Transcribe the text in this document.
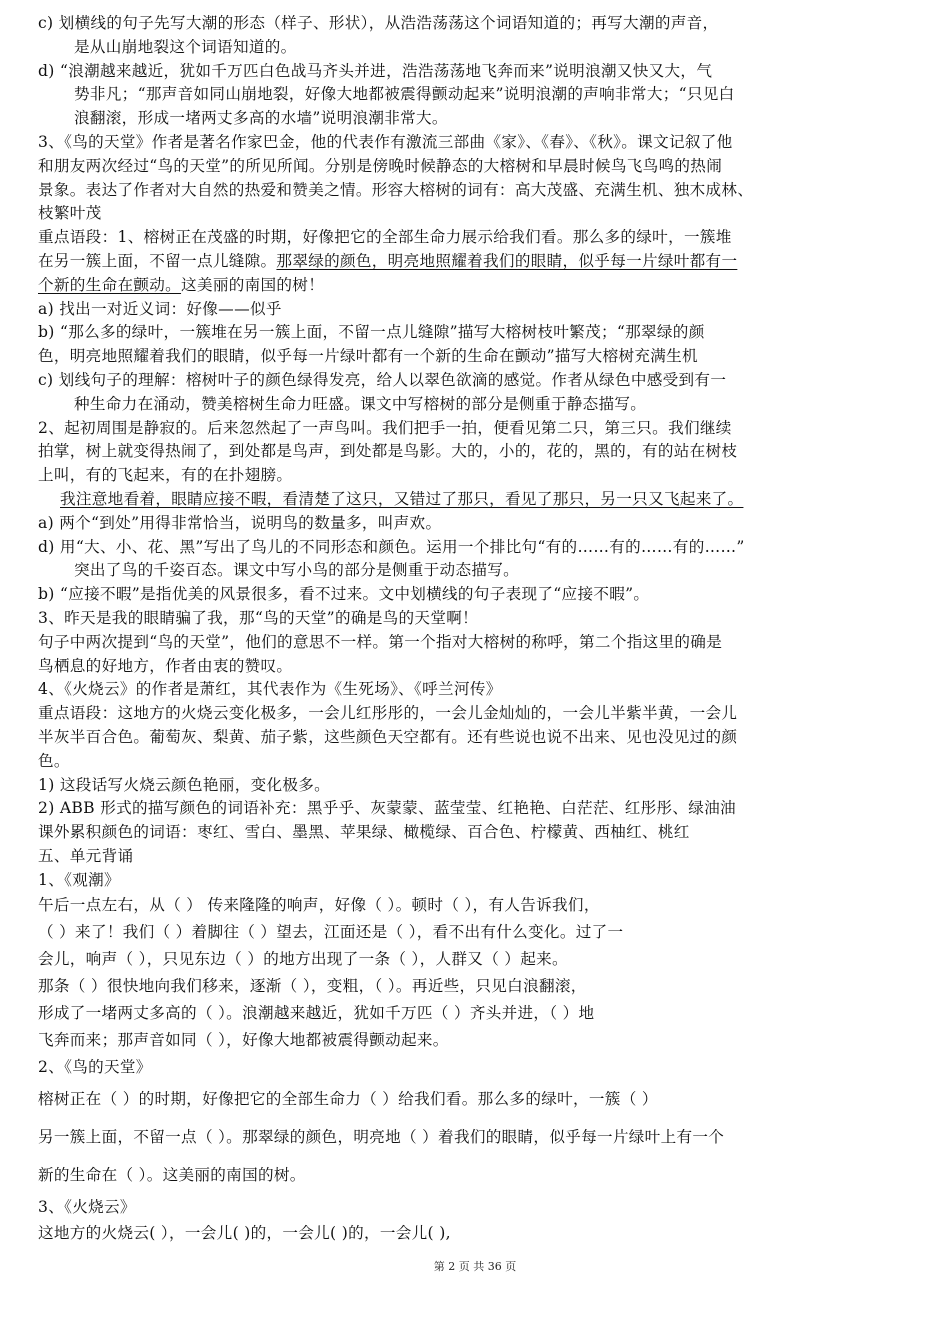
c) 划横线的句子先写大潮的形态（样子、形状），从浩浩荡荡这个词语知道的；再写大潮的声音，
是从山崩地裂这个词语知道的。
d) “浪潮越来越近，犹如千万匹白色战马齐头并进，浩浩荡荡地飞奔而来”说明浪潮又快又大，气
势非凡；“那声音如同山崩地裂，好像大地都被震得颤动起来”说明浪潮的声响非常大；“只见白
浪翻滚，形成一堵两丈多高的水墙”说明浪潮非常大。
3、《鸟的天堂》作者是著名作家巴金，他的代表作有激流三部曲《家》、《春》、《秋》。课文记叙了他
和朋友两次经过“鸟的天堂”的所见所闻。分别是傍晚时候静态的大榕树和早晨时候鸟飞鸟鸣的热闹
景象。表达了作者对大自然的热爱和赞美之情。形容大榕树的词有：高大茂盛、充满生机、独木成林、
枝繁叶茂
重点语段：1、榕树正在茂盛的时期，好像把它的全部生命力展示给我们看。那么多的绿叶，一簇堆
在另一簇上面，不留一点儿缝隙。那翠绿的颜色，明亮地照耀着我们的眼睛，似乎每一片绿叶都有一
个新的生命在颤动。这美丽的南国的树！
a) 找出一对近义词：好像——似乎
b) “那么多的绿叶，一簇堆在另一簇上面，不留一点儿缝隙”描写大榕树枝叶繁茂；“那翠绿的颜
色，明亮地照耀着我们的眼睛，似乎每一片绿叶都有一个新的生命在颤动”描写大榕树充满生机
c) 划线句子的理解：榕树叶子的颜色绿得发亮，给人以翠色欲滴的感觉。作者从绿色中感受到有一
种生命力在涌动，赞美榕树生命力旺盛。课文中写榕树的部分是侧重于静态描写。
2、起初周围是静寂的。后来忽然起了一声鸟叫。我们把手一拍，便看见第二只，第三只。我们继续
拍掌，树上就变得热闹了，到处都是鸟声，到处都是鸟影。大的，小的，花的，黑的，有的站在树枝
上叫，有的飞起来，有的在扑翅膀。
我注意地看着，眼睛应接不暇，看清楚了这只，又错过了那只，看见了那只，另一只又飞起来了。
a) 两个“到处”用得非常恰当，说明鸟的数量多，叫声欢。
d) 用“大、小、花、黑”写出了鸟儿的不同形态和颜色。运用一个排比句“有的……有的……有的……”
突出了鸟的千姿百态。课文中写小鸟的部分是侧重于动态描写。
b) “应接不暇”是指优美的风景很多，看不过来。文中划横线的句子表现了“应接不暇”。
3、昨天是我的眼睛骗了我，那“鸟的天堂”的确是鸟的天堂啊！
句子中两次提到“鸟的天堂”，他们的意思不一样。第一个指对大榕树的称呼，第二个指这里的确是
鸟栖息的好地方，作者由衷的赞叹。
4、《火烧云》的作者是萧红，其代表作为《生死场》、《呼兰河传》
重点语段：这地方的火烧云变化极多，一会儿红彤彤的，一会儿金灿灿的，一会儿半紫半黄，一会儿
半灰半百合色。葡萄灰、梨黄、茄子紫，这些颜色天空都有。还有些说也说不出来、见也没见过的颜
色。
1) 这段话写火烧云颜色艳丽，变化极多。
2) ABB 形式的描写颜色的词语补充：黑乎乎、灰蒙蒙、蓝莹莹、红艳艳、白茫茫、红彤彤、绿油油
课外累积颜色的词语：枣红、雪白、墨黑、苹果绿、橄榄绿、百合色、柠檬黄、西柚红、桃红
五、单元背诵
1、《观潮》
午后一点左右，从（ ） 传来隆隆的响声，好像（ ）。顿时（ ），有人告诉我们，
（ ）来了！我们（ ）着脚往（ ）望去，江面还是（ ），看不出有什么变化。过了一
会儿，响声（ ），只见东边（ ）的地方出现了一条（ ），人群又（ ）起来。
那条（ ）很快地向我们移来，逐渐（ ），变粗，（ ）。再近些，只见白浪翻滚，
形成了一堵两丈多高的（ ）。浪潮越来越近，犹如千万匹（ ）齐头并进，（ ）地
飞奔而来；那声音如同（ ），好像大地都被震得颤动起来。
2、《鸟的天堂》
榕树正在（ ）的时期，好像把它的全部生命力（ ）给我们看。那么多的绿叶，一簇（ ）
另一簇上面，不留一点（ ）。那翠绿的颜色，明亮地（ ）着我们的眼睛，似乎每一片绿叶上有一个
新的生命在（ ）。这美丽的南国的树。
3、《火烧云》
这地方的火烧云( ），一会儿( )的，一会儿( )的，一会儿( ),
第 2 页 共 36 页
